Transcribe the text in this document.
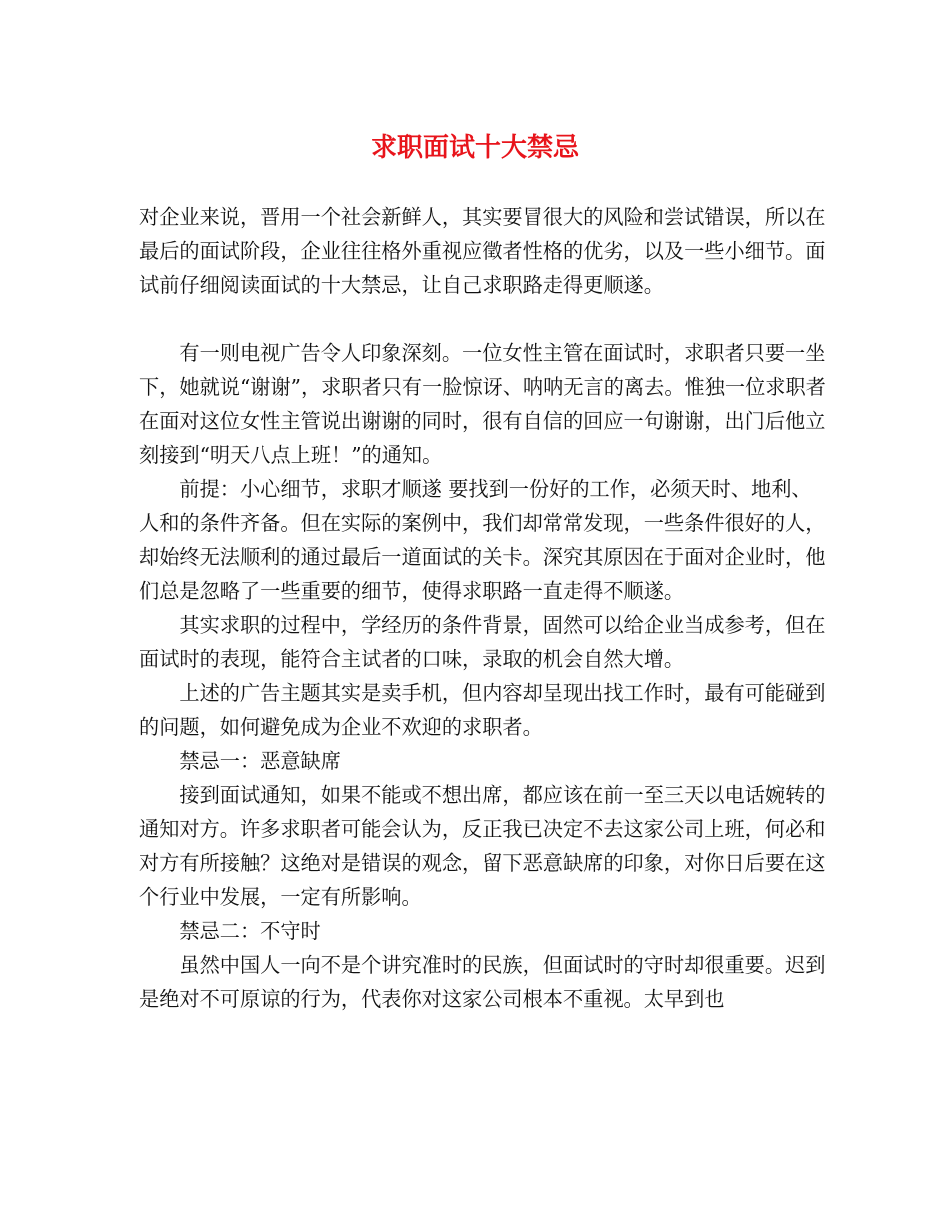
求职面试十大禁忌

对企业来说，晋用一个社会新鲜人，其实要冒很大的风险和尝试错误，所以在最后的面试阶段，企业往往格外重视应徵者性格的优劣，以及一些小细节。面试前仔细阅读面试的十大禁忌，让自己求职路走得更顺遂。

有一则电视广告令人印象深刻。一位女性主管在面试时，求职者只要一坐下，她就说“谢谢”，求职者只有一脸惊讶、呐呐无言的离去。惟独一位求职者在面对这位女性主管说出谢谢的同时，很有自信的回应一句谢谢，出门后他立刻接到“明天八点上班！”的通知。

前提：小心细节，求职才顺遂 要找到一份好的工作，必须天时、地利、人和的条件齐备。但在实际的案例中，我们却常常发现，一些条件很好的人，却始终无法顺利的通过最后一道面试的关卡。深究其原因在于面对企业时，他们总是忽略了一些重要的细节，使得求职路一直走得不顺遂。

其实求职的过程中，学经历的条件背景，固然可以给企业当成参考，但在面试时的表现，能符合主试者的口味，录取的机会自然大增。

上述的广告主题其实是卖手机，但内容却呈现出找工作时，最有可能碰到的问题，如何避免成为企业不欢迎的求职者。

禁忌一：恶意缺席

接到面试通知，如果不能或不想出席，都应该在前一至三天以电话婉转的通知对方。许多求职者可能会认为，反正我已决定不去这家公司上班，何必和对方有所接触？这绝对是错误的观念，留下恶意缺席的印象，对你日后要在这个行业中发展，一定有所影响。

禁忌二：不守时

虽然中国人一向不是个讲究准时的民族，但面试时的守时却很重要。迟到是绝对不可原谅的行为，代表你对这家公司根本不重视。太早到也
